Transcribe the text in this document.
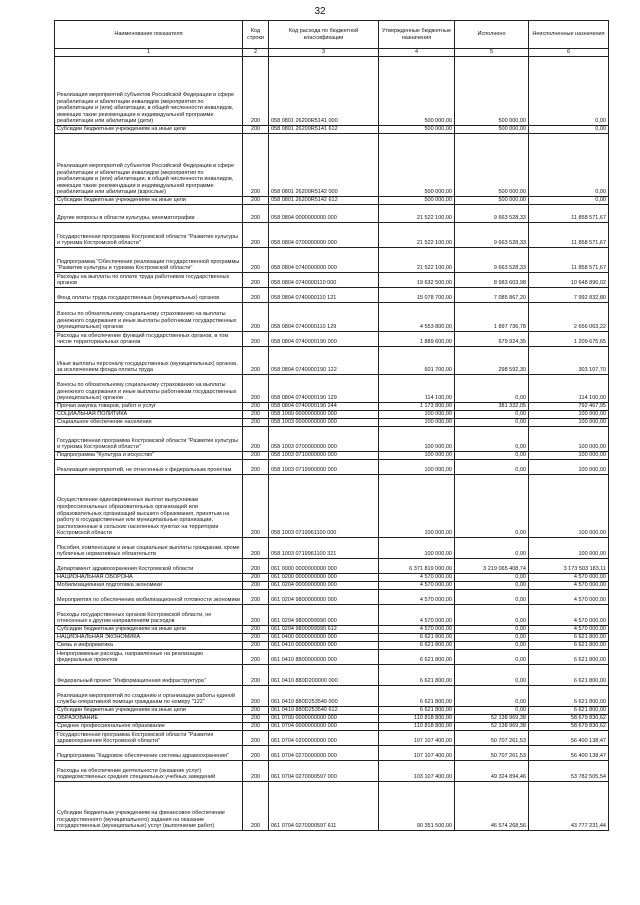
32
Наименование показателя	Код строки	Код расхода по бюджетной классификации	Утвержденные бюджетные назначения	Исполнено	Неисполненные назначения
1	2	3	4	5	6
Реализация мероприятий субъектов Российской Федерации в сфере реабилитации и абилитации инвалидов (мероприятия по реабилитации и (или) абилитации, в общей численности инвалидов, имеющих такие рекомендации в индивидуальной программе реабилитации или абилитации (дети)	200	058 0801 26200R5141 000	500 000,00	500 000,00	0,00
Субсидии бюджетным учреждениям на иные цели	200	058 0801 26200R5141 612	500 000,00	500 000,00	0,00
Реализация мероприятий субъектов Российской Федерации в сфере реабилитации и абилитации инвалидов (мероприятия по реабилитации и (или) абилитации, в общей численности инвалидов, имеющих такие рекомендации в индивидуальной программе реабилитации или абилитации (взрослые)	200	058 0801 26200R5142 000	500 000,00	500 000,00	0,00
Субсидии бюджетным учреждениям на иные цели	200	058 0801 26200R5142 612	500 000,00	500 000,00	0,00
Другие вопросы в области культуры, кинематографии	200	058 0804 0000000000 000	21 522 100,00	9 663 528,33	11 858 571,67
Государственная программа Костромской области "Развитие культуры и туризма Костромской области"	200	058 0804 0700000000 000	21 522 100,00	9 663 528,33	11 858 571,67
Подпрограмма "Обеспечение реализации государственной программы "Развитие культуры и туризма Костромской области"	200	058 0804 0740000000 000	21 522 100,00	9 663 528,33	11 858 571,67
Расходы на выплаты по оплате труда работников государственных органов	200	058 0804 0740000110 000	19 632 500,00	8 983 603,98	10 648 896,02
Фонд оплаты труда государственных (муниципальных) органов	200	058 0804 0740000110 121	15 078 700,00	7 085 867,20	7 992 832,80
Взносы по обязательному социальному страхованию на выплаты денежного содержания и иные выплаты работникам государственных (муниципальных) органов	200	058 0804 0740000110 129	4 553 800,00	1 897 736,78	2 656 063,22
Расходы на обеспечение функций государственных органов, в том числе территориальных органов	200	058 0804 0740000190 000	1 889 600,00	679 924,35	1 209 675,65
Иные выплаты персоналу государственных (муниципальных) органов, за исключением фонда оплаты труда	200	058 0804 0740000190 122	601 700,00	298 592,30	303 107,70
Взносы по обязательному социальному страхованию на выплаты денежного содержания и иные выплаты работникам государственных (муниципальных) органов	200	058 0804 0740000190 129	114 100,00	0,00	114 100,00
Прочая закупка товаров, работ и услуг	200	058 0804 0740000190 244	1 173 800,00	381 332,05	792 467,95
СОЦИАЛЬНАЯ ПОЛИТИКА	200	058 1000 0000000000 000	100 000,00	0,00	100 000,00
Социальное обеспечение населения	200	058 1003 0000000000 000	100 000,00	0,00	100 000,00
Государственная программа Костромской области "Развитие культуры и туризма Костромской области"	200	058 1003 0700000000 000	100 000,00	0,00	100 000,00
Подпрограмма "Культура и искусство"	200	058 1003 0710000000 000	100 000,00	0,00	100 000,00
Реализация мероприятий, не отнесенных к федеральным проектам	200	058 1003 0719900000 000	100 000,00	0,00	100 000,00
Осуществление единовременных выплат выпускникам профессиональных образовательных организаций или образовательных организаций высшего образования, принятым на работу в государственные или муниципальные организации, расположенные в сельских населенных пунктах на территории Костромской области	200	058 1003 0719961100 000	100 000,00	0,00	100 000,00
Пособия, компенсации и иные социальные выплаты гражданам, кроме публичных нормативных обязательств	200	058 1003 0719961100 321	100 000,00	0,00	100 000,00
Департамент здравоохранения Костромской области	200	061 0000 0000000000 000	6 371 819 000,00	3 219 065 408,74	3 173 503 183,11
НАЦИОНАЛЬНАЯ ОБОРОНА	200	061 0200 0000000000 000	4 570 000,00	0,00	4 570 000,00
Мобилизационная подготовка экономики	200	061 0204 0000000000 000	4 570 000,00	0,00	4 570 000,00
Мероприятия по обеспечению мобилизационной готовности экономики	200	061 0204 9800000000 000	4 570 000,00	0,00	4 570 000,00
Расходы государственных органов Костромской области, не отнесенные к другим направлениям расходов	200	061 0204 9800099990 000	4 570 000,00	0,00	4 570 000,00
Субсидии бюджетным учреждениям на иные цели	200	061 0204 9800099990 612	4 570 000,00	0,00	4 570 000,00
НАЦИОНАЛЬНАЯ ЭКОНОМИКА	200	061 0400 0000000000 000	6 621 800,00	0,00	6 621 800,00
Связь и информатика	200	061 0410 0000000000 000	6 621 800,00	0,00	6 621 800,00
Непрограммные расходы, направленные на реализацию федеральных проектов	200	061 0410 8800000000 000	6 621 800,00	0,00	6 621 800,00
Федеральный проект "Информационная инфраструктура"	200	061 0410 880D200000 000	6 621 800,00	0,00	6 621 800,00
Реализация мероприятий по созданию и организации работы единой службы оперативной помощи гражданам по номеру "122"	200	061 0410 880D253540 000	6 621 800,00	0,00	6 621 800,00
Субсидии бюджетным учреждениям на иные цели	200	061 0410 880D253540 612	6 621 800,00	0,00	6 621 800,00
ОБРАЗОВАНИЕ	200	061 0700 0000000000 000	110 818 800,00	52 138 969,38	58 679 830,62
Среднее профессиональное образование	200	061 0704 0000000000 000	110 818 800,00	52 138 969,38	58 679 830,62
Государственная программа Костромской области "Развитие здравоохранения Костромской области"	200	061 0704 0200000000 000	107 107 400,00	50 707 261,53	56 400 138,47
Подпрограмма "Кадровое обеспечение системы здравоохранения"	200	061 0704 0270000000 000	107 107 400,00	50 707 261,53	56 400 138,47
Расходы на обеспечение деятельности (оказание услуг) подведомственных средних специальных учебных заведений	200	061 0704 0270000597 000	103 107 400,00	49 324 894,46	53 782 505,54
Субсидии бюджетным учреждениям на финансовое обеспечение государственного (муниципального) задания на оказание государственных (муниципальных) услуг (выполнение работ)	200	061 0704 0270000597 611	90 351 500,00	46 574 268,56	43 777 231,44
